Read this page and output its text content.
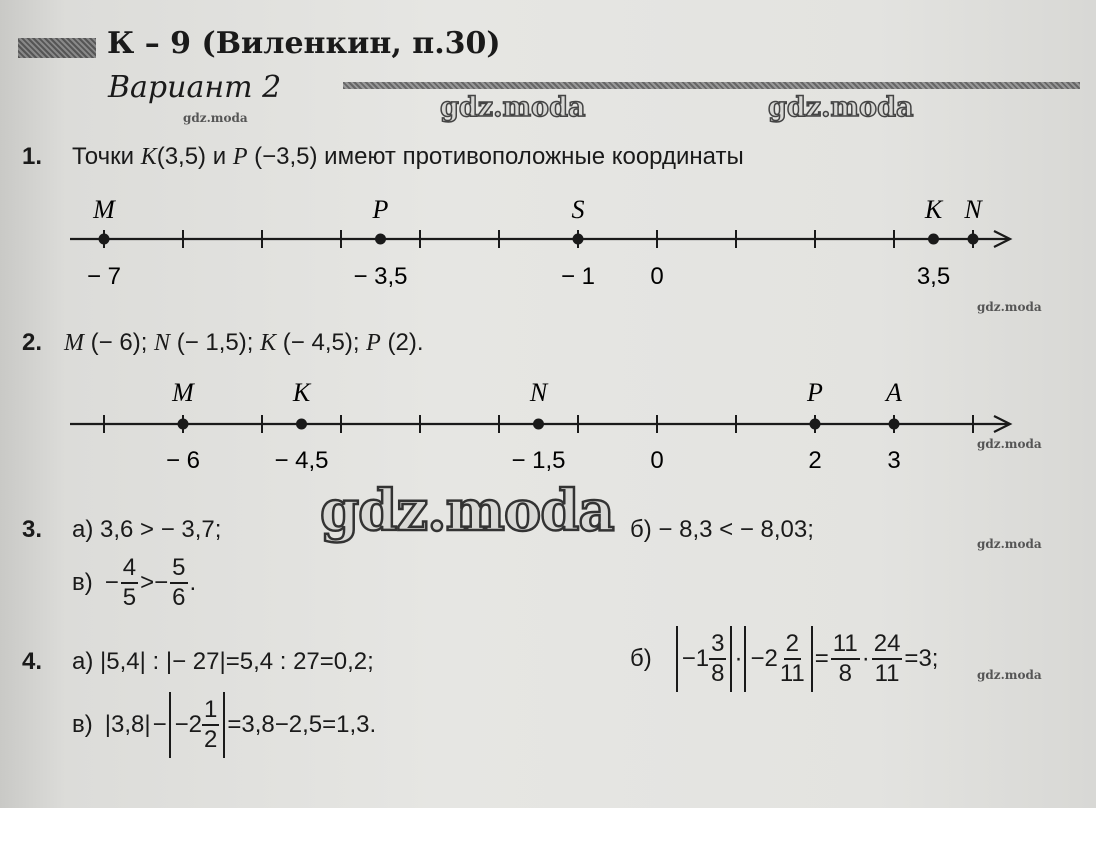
К – 9 (Виленкин, п.30)
Вариант 2
gdz.moda	gdz.moda	gdz.moda
gdz.moda
gdz.moda
gdz.moda
gdz.moda
1. Точки K(3,5) и P (−3,5) имеют противоположные координаты
M	P	S	K N
− 7	− 3,5	− 1 0	3,5
2. M (− 6); N (− 1,5); K (− 4,5); P (2).
M	K	N	P A
− 6	− 4,5	− 1,5	0	2	3
3. а) 3,6 > − 3,7; gdz.moda б) − 8,3 < − 8,03;
$в) - \frac{4}{5} >- \frac{5}{6}$ .
4. а) |5,4| : |− 27|=5,4 : 27=0,2;	$б) -1 \frac{3}{8} \cdot -2 \frac{2}{11} = \frac{11}{8} \cdot \frac{24}{11} =3$;
в) $|3,8| - -2 \frac{1}{2} =3,8-2,5=1,3$.
